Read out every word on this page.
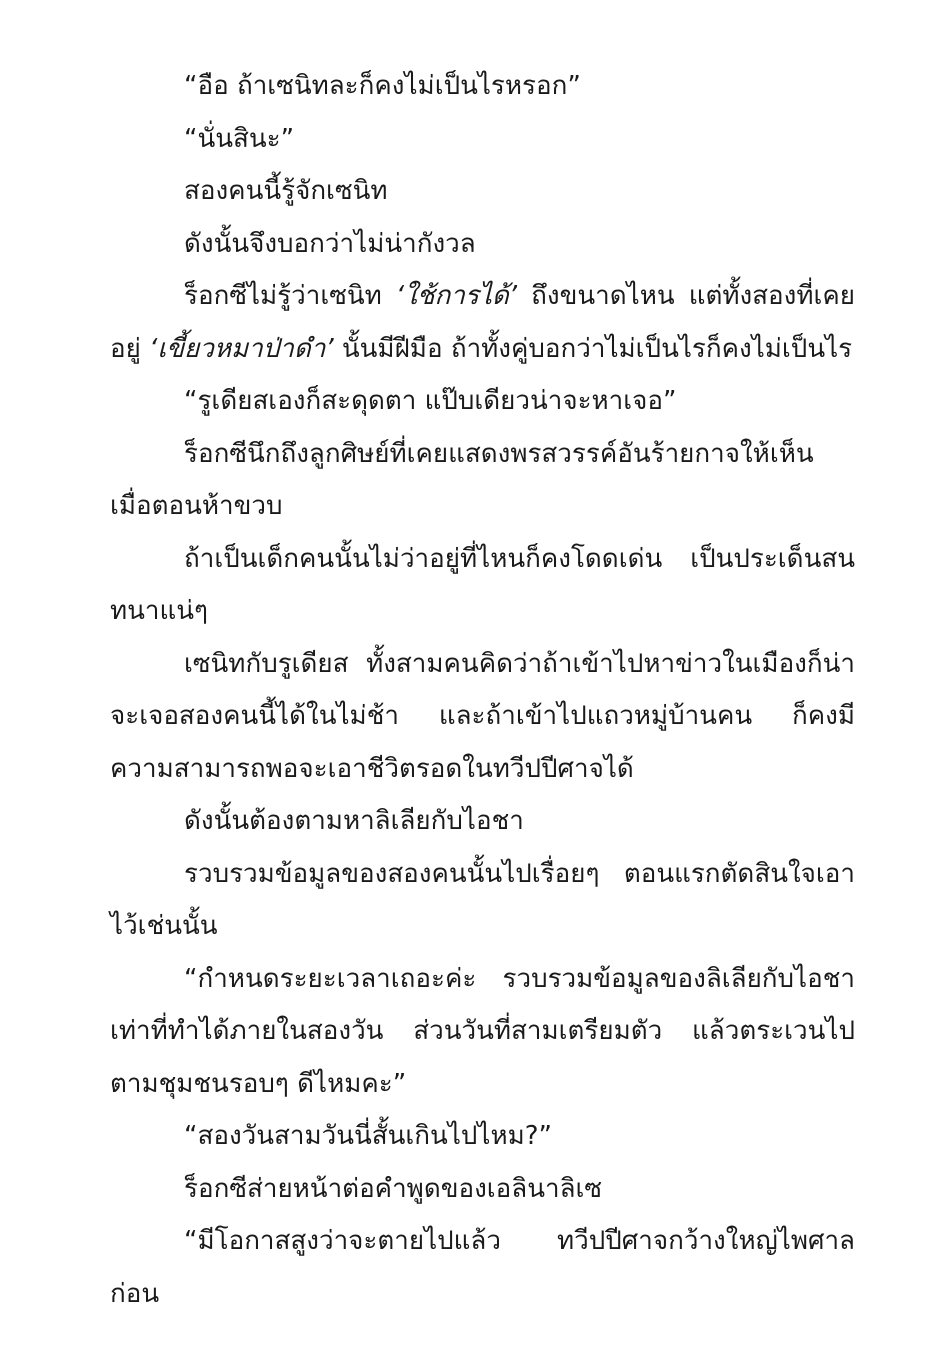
“อือ ถ้าเซนิทละก็คงไม่เป็นไรหรอก”

“นั่นสินะ”

สองคนนี้รู้จักเซนิท

ดังนั้นจึงบอกว่าไม่น่ากังวล

ร็อกซีไม่รู้ว่าเซนิท ‘ใช้การได้’ ถึงขนาดไหน แต่ทั้งสองที่เคยอยู่ ‘เขี้ยวหมาป่าดำ’ นั้นมีฝีมือ ถ้าทั้งคู่บอกว่าไม่เป็นไรก็คงไม่เป็นไร

“รูเดียสเองก็สะดุดตา แป๊บเดียวน่าจะหาเจอ”

ร็อกซีนึกถึงลูกศิษย์ที่เคยแสดงพรสวรรค์อันร้ายกาจให้เห็นเมื่อตอนห้าขวบ

ถ้าเป็นเด็กคนนั้นไม่ว่าอยู่ที่ไหนก็คงโดดเด่น เป็นประเด็นสนทนาแน่ๆ

เซนิทกับรูเดียส ทั้งสามคนคิดว่าถ้าเข้าไปหาข่าวในเมืองก็น่าจะเจอสองคนนี้ได้ในไม่ช้า และถ้าเข้าไปแถวหมู่บ้านคน ก็คงมีความสามารถพอจะเอาชีวิตรอดในทวีปปีศาจได้

ดังนั้นต้องตามหาลิเลียกับไอชา

รวบรวมข้อมูลของสองคนนั้นไปเรื่อยๆ ตอนแรกตัดสินใจเอาไว้เช่นนั้น

“กำหนดระยะเวลาเถอะค่ะ รวบรวมข้อมูลของลิเลียกับไอชาเท่าที่ทำได้ภายในสองวัน ส่วนวันที่สามเตรียมตัว แล้วตระเวนไปตามชุมชนรอบๆ ดีไหมคะ”

“สองวันสามวันนี่สั้นเกินไปไหม?”

ร็อกซีส่ายหน้าต่อคำพูดของเอลินาลิเซ

“มีโอกาสสูงว่าจะตายไปแล้ว ทวีปปีศาจกว้างใหญ่ไพศาล ก่อน
